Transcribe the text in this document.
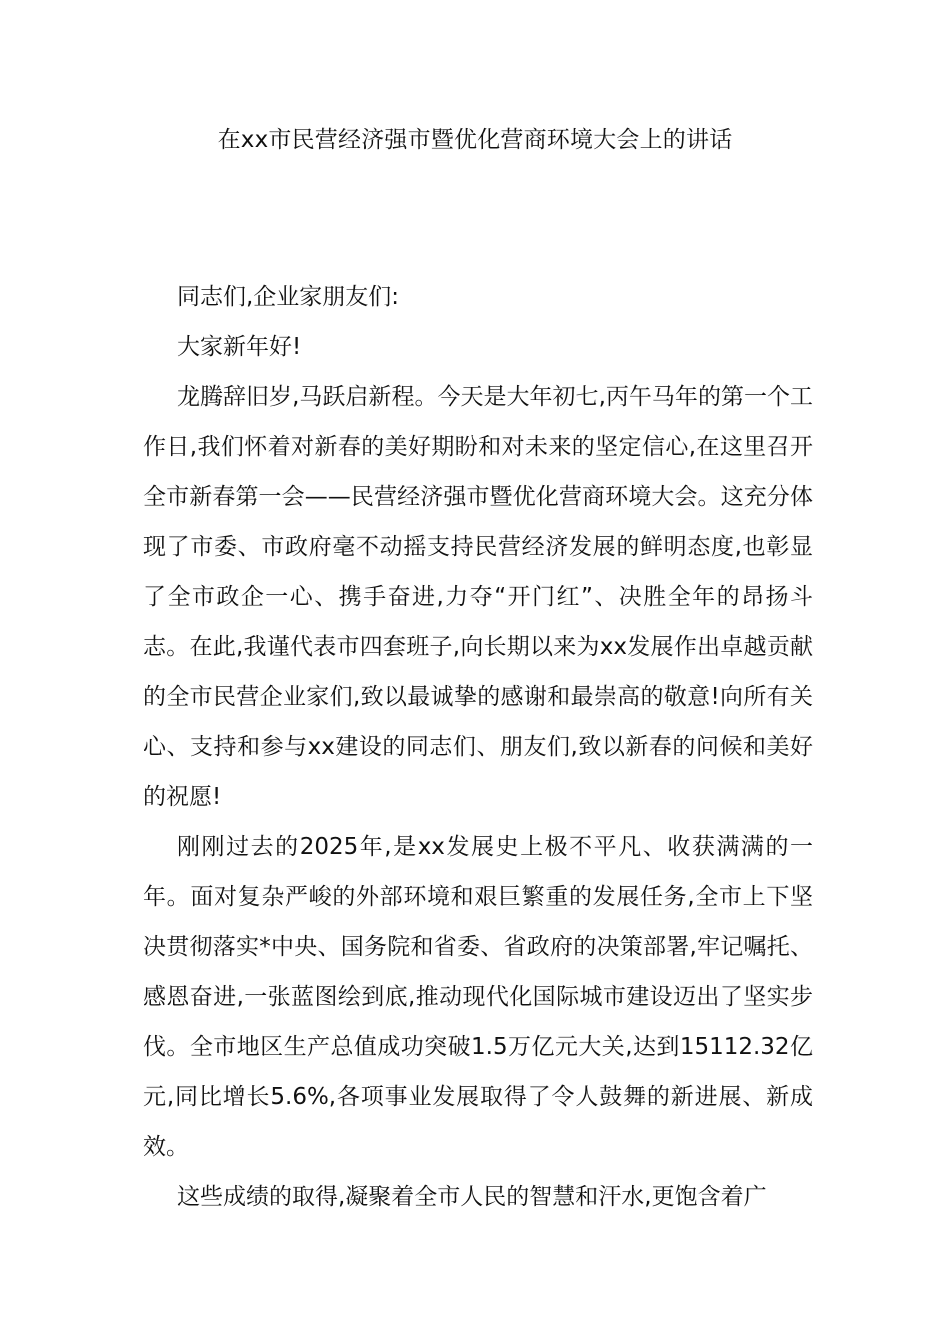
在xx市民营经济强市暨优化营商环境大会上的讲话

同志们,企业家朋友们:

大家新年好!

龙腾辞旧岁,马跃启新程。今天是大年初七,丙午马年的第一个工作日,我们怀着对新春的美好期盼和对未来的坚定信心,在这里召开全市新春第一会——民营经济强市暨优化营商环境大会。这充分体现了市委、市政府毫不动摇支持民营经济发展的鲜明态度,也彰显了全市政企一心、携手奋进,力夺“开门红”、决胜全年的昂扬斗志。在此,我谨代表市四套班子,向长期以来为xx发展作出卓越贡献的全市民营企业家们,致以最诚挚的感谢和最崇高的敬意!向所有关心、支持和参与xx建设的同志们、朋友们,致以新春的问候和美好的祝愿!

刚刚过去的2025年,是xx发展史上极不平凡、收获满满的一年。面对复杂严峻的外部环境和艰巨繁重的发展任务,全市上下坚决贯彻落实*中央、国务院和省委、省政府的决策部署,牢记嘱托、感恩奋进,一张蓝图绘到底,推动现代化国际城市建设迈出了坚实步伐。全市地区生产总值成功突破1.5万亿元大关,达到15112.32亿元,同比增长5.6%,各项事业发展取得了令人鼓舞的新进展、新成效。

这些成绩的取得,凝聚着全市人民的智慧和汗水,更饱含着广
